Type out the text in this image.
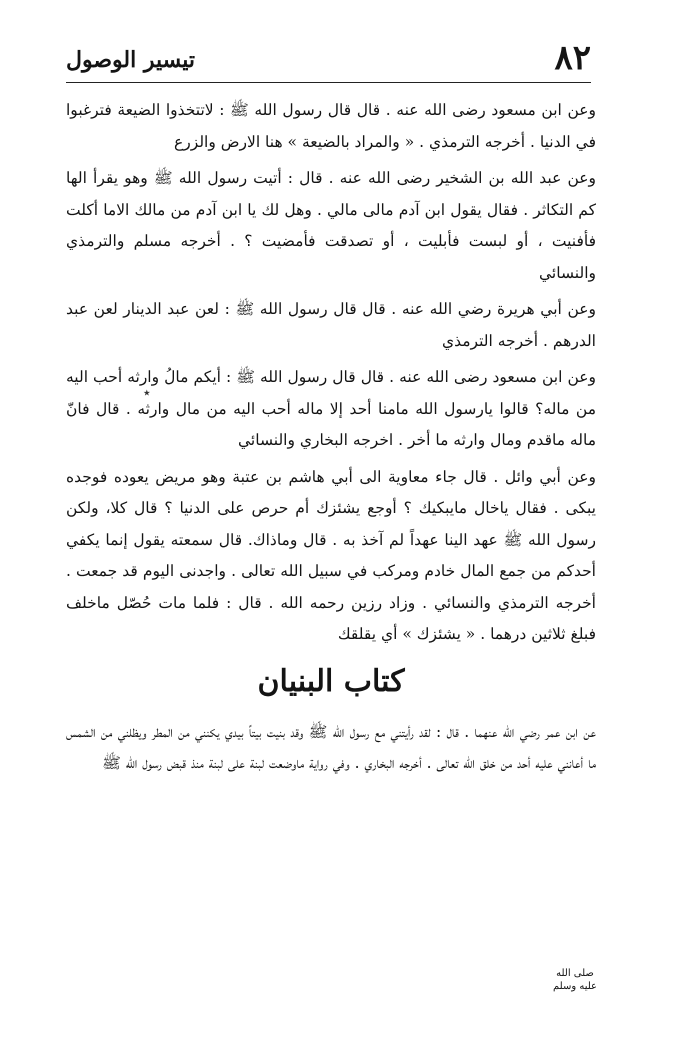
٨٢
تيسير الوصول

وعن ابن مسعود رضى الله عنه . قال قال رسول الله ﷺ : لاتتخذوا الضيعة فترغبوا في الدنيا . أخرجه الترمذي . « والمراد بالضيعة » هنا الارض والزرع

وعن عبد الله بن الشخير رضى الله عنه . قال : أتيت رسول الله ﷺ وهو يقرأ الها كم التكاثر . فقال يقول ابن آدم مالى مالي . وهل لك يا ابن آدم من مالك الاما أكلت فأفنيت ، أو لبست فأبليت ، أو تصدقت فأمضيت ؟ . أخرجه مسلم والترمذي والنسائي

وعن أبي هريرة رضي الله عنه . قال قال رسول الله ﷺ : لعن عبد الدينار لعن عبد الدرهم . أخرجه الترمذي

وعن ابن مسعود رضى الله عنه . قال قال رسول الله ﷺ : أيكم مالُ وارثه أحب اليه من ماله؟ قالوا يارسول الله مامنا أحد إلا ماله أحب اليه من مال وارثه . قال فانّ ماله ماقدم ومال وارثه ما أخر . اخرجه البخاري والنسائي

وعن أبي وائل . قال جاء معاوية الى أبي هاشم بن عتبة وهو مريض يعوده فوجده يبكى . فقال ياخال مايبكيك ؟ أوجع يشئزك أم حرص على الدنيا ؟ قال كلا، ولكن رسول الله ﷺ عهد الينا عهداً لم آخذ به . قال وماذاك. قال سمعته يقول إنما يكفي أحدكم من جمع المال خادم ومركب في سبيل الله تعالى . واجدنى اليوم قد جمعت . أخرجه الترمذي والنسائي . وزاد رزين رحمه الله . قال : فلما مات حُصّل ماخلف فبلغ ثلاثين درهما . « يشئزك » أي يقلقك

كتاب البنيان

عن ابن عمر رضي الله عنهما . قال : لقد رأيتني مع رسول الله ﷺ وقد بنيت بيتاً بيدي يكنني من المطر ويظلني من الشمس ما أعانني عليه أحد من خلق الله تعالى . أخرجه البخاري . وفي رواية ماوضعت لبنة على لبنة منذ قبض رسول الله ﷺ

٭
صلى الله
عليه وسلم
